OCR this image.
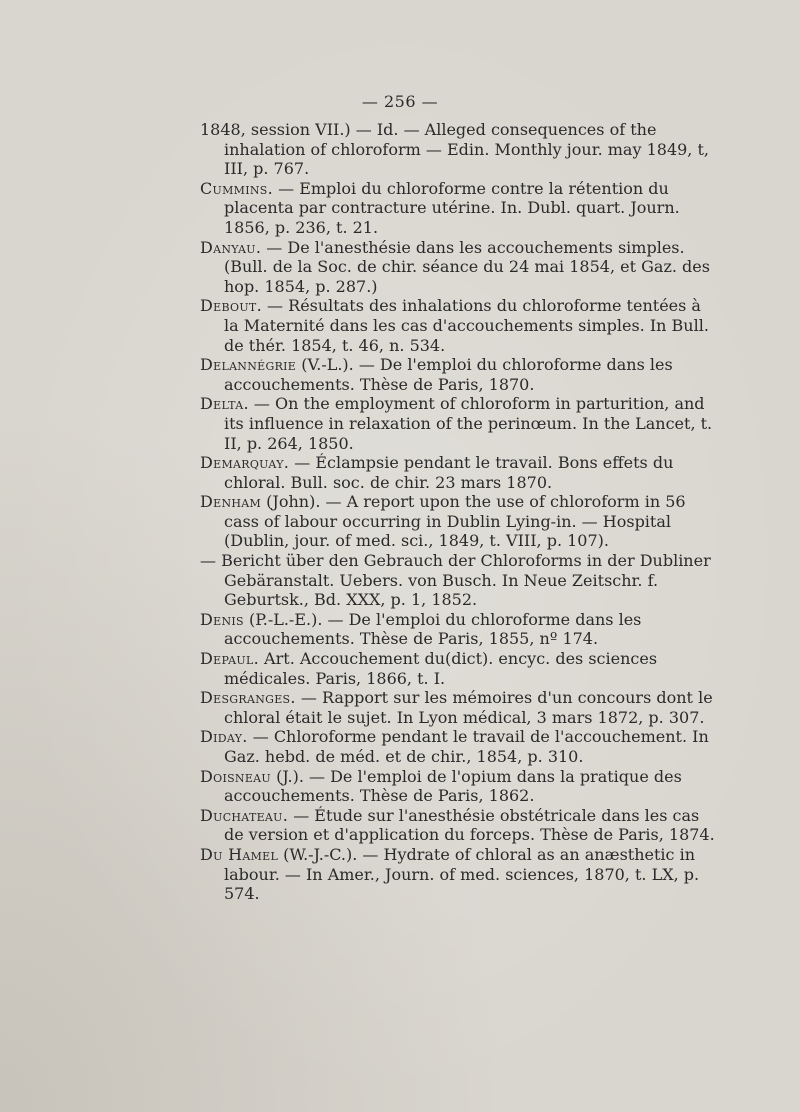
— 256 —

1848, session VII.) — Id. — Alleged consequences of the inhalation of chloroform — Edin. Monthly jour. may 1849, t, III, p. 767.

Cummins. — Emploi du chloroforme contre la rétention du placenta par contracture utérine. In. Dubl. quart. Journ. 1856, p. 236, t. 21.

Danyau. — De l'anesthésie dans les accouchements simples. (Bull. de la Soc. de chir. séance du 24 mai 1854, et Gaz. des hop. 1854, p. 287.)

Debout. — Résultats des inhalations du chloroforme tentées à la Maternité dans les cas d'accouchements simples. In Bull. de thér. 1854, t. 46, n. 534.

Delannégrie (V.-L.). — De l'emploi du chloroforme dans les accouchements. Thèse de Paris, 1870.

Delta. — On the employment of chloroform in parturition, and its influence in relaxation of the perinœum. In the Lancet, t. II, p. 264, 1850.

Demarquay. — Éclampsie pendant le travail. Bons effets du chloral. Bull. soc. de chir. 23 mars 1870.

Denham (John). — A report upon the use of chloroform in 56 cass of labour occurring in Dublin Lying-in. — Hospital (Dublin, jour. of med. sci., 1849, t. VIII, p. 107).

— Bericht über den Gebrauch der Chloroforms in der Dubliner Gebäranstalt. Uebers. von Busch. In Neue Zeitschr. f. Geburtsk., Bd. XXX, p. 1, 1852.

Denis (P.-L.-E.). — De l'emploi du chloroforme dans les accouchements. Thèse de Paris, 1855, nº 174.

Depaul. Art. Accouchement du(dict). encyc. des sciences médicales. Paris, 1866, t. I.

Desgranges. — Rapport sur les mémoires d'un concours dont le chloral était le sujet. In Lyon médical, 3 mars 1872, p. 307.

Diday. — Chloroforme pendant le travail de l'accouchement. In Gaz. hebd. de méd. et de chir., 1854, p. 310.

Doisneau (J.). — De l'emploi de l'opium dans la pratique des accouchements. Thèse de Paris, 1862.

Duchateau. — Étude sur l'anesthésie obstétricale dans les cas de version et d'application du forceps. Thèse de Paris, 1874.

Du Hamel (W.-J.-C.). — Hydrate of chloral as an anæsthetic in labour. — In Amer., Journ. of med. sciences, 1870, t. LX, p. 574.
